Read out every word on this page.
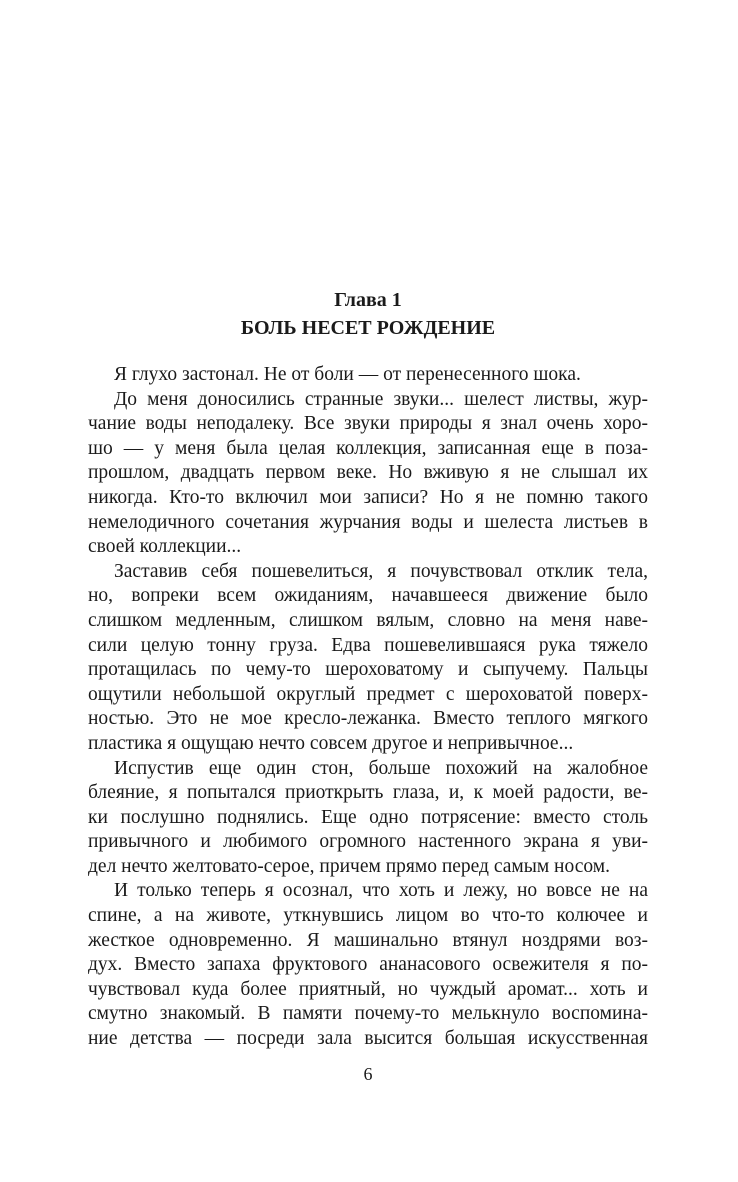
Глава 1
БОЛЬ НЕСЕТ РОЖДЕНИЕ
Я глухо застонал. Не от боли — от перенесенного шока.
До меня доносились странные звуки... шелест листвы, жур-
чание воды неподалеку. Все звуки природы я знал очень хоро-
шо — у меня была целая коллекция, записанная еще в поза-
прошлом, двадцать первом веке. Но вживую я не слышал их
никогда. Кто-то включил мои записи? Но я не помню такого
немелодичного сочетания журчания воды и шелеста листьев в
своей коллекции...
Заставив себя пошевелиться, я почувствовал отклик тела,
но, вопреки всем ожиданиям, начавшееся движение было
слишком медленным, слишком вялым, словно на меня наве-
сили целую тонну груза. Едва пошевелившаяся рука тяжело
протащилась по чему-то шероховатому и сыпучему. Пальцы
ощутили небольшой округлый предмет с шероховатой поверх-
ностью. Это не мое кресло-лежанка. Вместо теплого мягкого
пластика я ощущаю нечто совсем другое и непривычное...
Испустив еще один стон, больше похожий на жалобное
блеяние, я попытался приоткрыть глаза, и, к моей радости, ве-
ки послушно поднялись. Еще одно потрясение: вместо столь
привычного и любимого огромного настенного экрана я уви-
дел нечто желтовато-серое, причем прямо перед самым носом.
И только теперь я осознал, что хоть и лежу, но вовсе не на
спине, а на животе, уткнувшись лицом во что-то колючее и
жесткое одновременно. Я машинально втянул ноздрями воз-
дух. Вместо запаха фруктового ананасового освежителя я по-
чувствовал куда более приятный, но чуждый аромат... хоть и
смутно знакомый. В памяти почему-то мелькнуло воспомина-
ние детства — посреди зала высится большая искусственная
6
